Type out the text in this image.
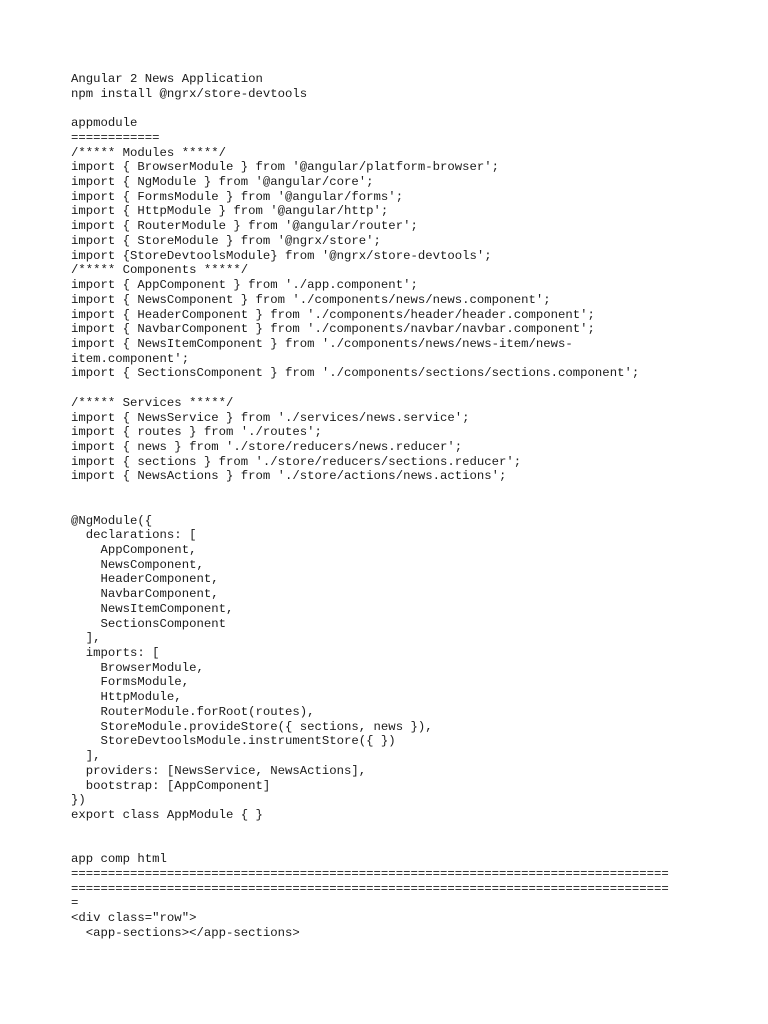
Angular 2 News Application
npm install @ngrx/store-devtools
appmodule
============
/***** Modules *****/
import { BrowserModule } from '@angular/platform-browser';
import { NgModule } from '@angular/core';
import { FormsModule } from '@angular/forms';
import { HttpModule } from '@angular/http';
import { RouterModule } from '@angular/router';
import { StoreModule } from '@ngrx/store';
import {StoreDevtoolsModule} from '@ngrx/store-devtools';
/***** Components *****/
import { AppComponent } from './app.component';
import { NewsComponent } from './components/news/news.component';
import { HeaderComponent } from './components/header/header.component';
import { NavbarComponent } from './components/navbar/navbar.component';
import { NewsItemComponent } from './components/news/news-item/news-
item.component';
import { SectionsComponent } from './components/sections/sections.component';
/***** Services *****/
import { NewsService } from './services/news.service';
import { routes } from './routes';
import { news } from './store/reducers/news.reducer';
import { sections } from './store/reducers/sections.reducer';
import { NewsActions } from './store/actions/news.actions';
@NgModule({
declarations: [
AppComponent,
NewsComponent,
HeaderComponent,
NavbarComponent,
NewsItemComponent,
SectionsComponent
],
imports: [
BrowserModule,
FormsModule,
HttpModule,
RouterModule.forRoot(routes),
StoreModule.provideStore({ sections, news }),
StoreDevtoolsModule.instrumentStore({ })
],
providers: [NewsService, NewsActions],
bootstrap: [AppComponent]
})
export class AppModule { }
app comp html
=================================================================================
=================================================================================
=
<div class="row">
<app-sections></app-sections>
